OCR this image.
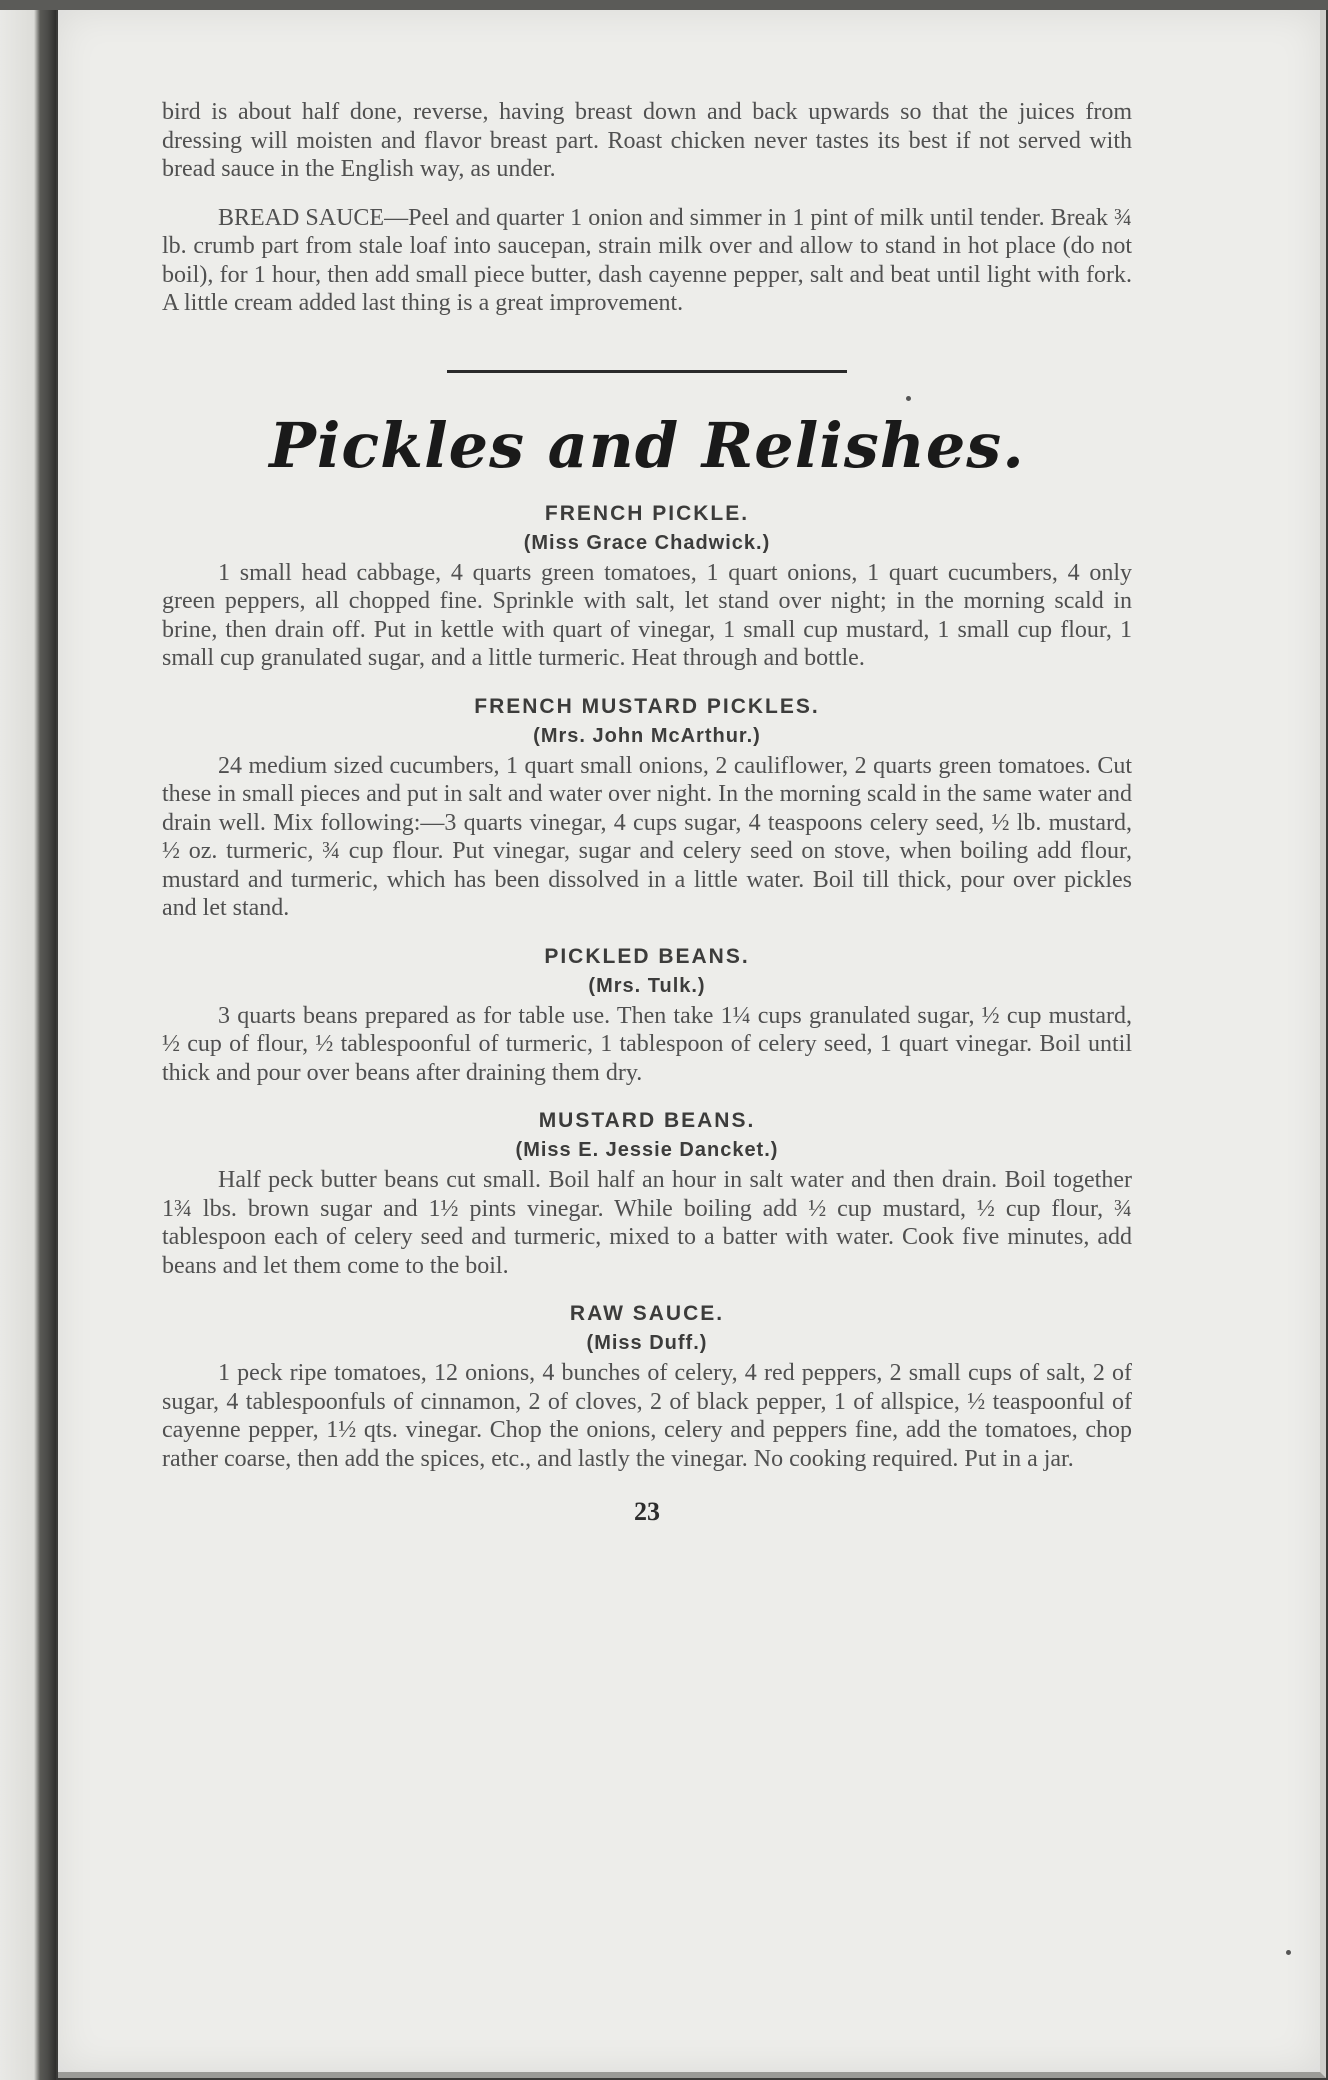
bird is about half done, reverse, having breast down and back upwards so that the juices from dressing will moisten and flavor breast part. Roast chicken never tastes its best if not served with bread sauce in the English way, as under.

BREAD SAUCE—Peel and quarter 1 onion and simmer in 1 pint of milk until tender. Break ¾ lb. crumb part from stale loaf into saucepan, strain milk over and allow to stand in hot place (do not boil), for 1 hour, then add small piece butter, dash cayenne pepper, salt and beat until light with fork. A little cream added last thing is a great improvement.

Pickles and Relishes.
FRENCH PICKLE.
(Miss Grace Chadwick.)

1 small head cabbage, 4 quarts green tomatoes, 1 quart onions, 1 quart cucumbers, 4 only green peppers, all chopped fine. Sprinkle with salt, let stand over night; in the morning scald in brine, then drain off. Put in kettle with quart of vinegar, 1 small cup mustard, 1 small cup flour, 1 small cup granulated sugar, and a little turmeric. Heat through and bottle.

FRENCH MUSTARD PICKLES.
(Mrs. John McArthur.)

24 medium sized cucumbers, 1 quart small onions, 2 cauliflower, 2 quarts green tomatoes. Cut these in small pieces and put in salt and water over night. In the morning scald in the same water and drain well. Mix following:—3 quarts vinegar, 4 cups sugar, 4 teaspoons celery seed, ½ lb. mustard, ½ oz. turmeric, ¾ cup flour. Put vinegar, sugar and celery seed on stove, when boiling add flour, mustard and turmeric, which has been dissolved in a little water. Boil till thick, pour over pickles and let stand.

PICKLED BEANS.
(Mrs. Tulk.)

3 quarts beans prepared as for table use. Then take 1¼ cups granulated sugar, ½ cup mustard, ½ cup of flour, ½ tablespoonful of turmeric, 1 tablespoon of celery seed, 1 quart vinegar. Boil until thick and pour over beans after draining them dry.

MUSTARD BEANS.
(Miss E. Jessie Dancket.)

Half peck butter beans cut small. Boil half an hour in salt water and then drain. Boil together 1¾ lbs. brown sugar and 1½ pints vinegar. While boiling add ½ cup mustard, ½ cup flour, ¾ tablespoon each of celery seed and turmeric, mixed to a batter with water. Cook five minutes, add beans and let them come to the boil.

RAW SAUCE.
(Miss Duff.)

1 peck ripe tomatoes, 12 onions, 4 bunches of celery, 4 red peppers, 2 small cups of salt, 2 of sugar, 4 tablespoonfuls of cinnamon, 2 of cloves, 2 of black pepper, 1 of allspice, ½ teaspoonful of cayenne pepper, 1½ qts. vinegar. Chop the onions, celery and peppers fine, add the tomatoes, chop rather coarse, then add the spices, etc., and lastly the vinegar. No cooking required. Put in a jar.

23
